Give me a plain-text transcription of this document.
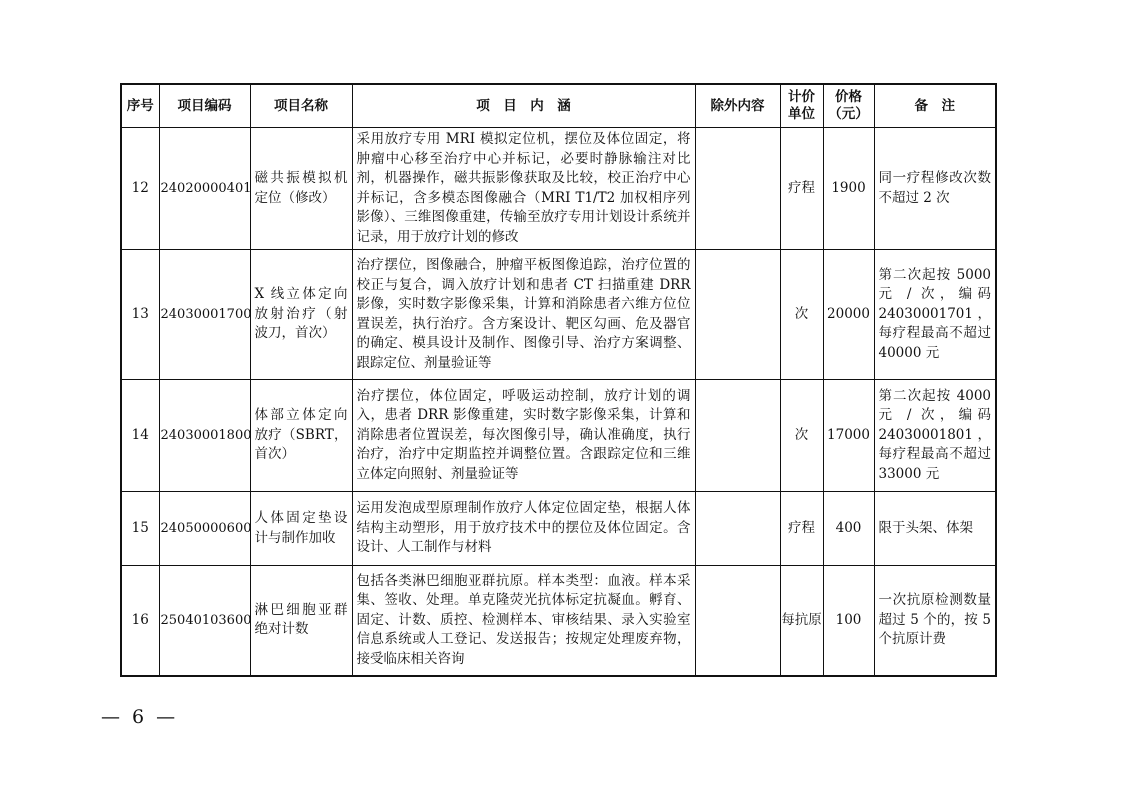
序号	项目编码	项目名称	项　目　内　涵	除外内容	计价单位	价格（元）	备　注
12	24020000401	磁共振模拟机定位（修改）	采用放疗专用 MRI 模拟定位机，摆位及体位固定，将肿瘤中心移至治疗中心并标记，必要时静脉输注对比剂，机器操作，磁共振影像获取及比较，校正治疗中心并标记，含多模态图像融合（MRI T1/T2 加权相序列影像）、三维图像重建，传输至放疗专用计划设计系统并记录，用于放疗计划的修改		疗程	1900	同一疗程修改次数不超过 2 次
13	24030001700	X 线立体定向放射治疗（射波刀，首次）	治疗摆位，图像融合，肿瘤平板图像追踪，治疗位置的校正与复合，调入放疗计划和患者 CT 扫描重建 DRR 影像，实时数字影像采集，计算和消除患者六维方位位置误差，执行治疗。含方案设计、靶区勾画、危及器官的确定、模具设计及制作、图像引导、治疗方案调整、跟踪定位、剂量验证等		次	20000	第二次起按 5000 元 / 次，编码 24030001701，每疗程最高不超过 40000 元
14	24030001800	体部立体定向放疗（SBRT，首次）	治疗摆位，体位固定，呼吸运动控制，放疗计划的调入，患者 DRR 影像重建，实时数字影像采集，计算和消除患者位置误差，每次图像引导，确认准确度，执行治疗，治疗中定期监控并调整位置。含跟踪定位和三维立体定向照射、剂量验证等		次	17000	第二次起按 4000 元 / 次，编码 24030001801，每疗程最高不超过 33000 元
15	24050000600	人体固定垫设计与制作加收	运用发泡成型原理制作放疗人体定位固定垫，根据人体结构主动塑形，用于放疗技术中的摆位及体位固定。含设计、人工制作与材料		疗程	400	限于头架、体架
16	25040103600	淋巴细胞亚群绝对计数	包括各类淋巴细胞亚群抗原。样本类型：血液。样本采集、签收、处理。单克隆荧光抗体标定抗凝血。孵育、固定、计数、质控、检测样本、审核结果、录入实验室信息系统或人工登记、发送报告；按规定处理废弃物，接受临床相关咨询		每抗原	100	一次抗原检测数量超过 5 个的，按 5 个抗原计费
— 6 —
